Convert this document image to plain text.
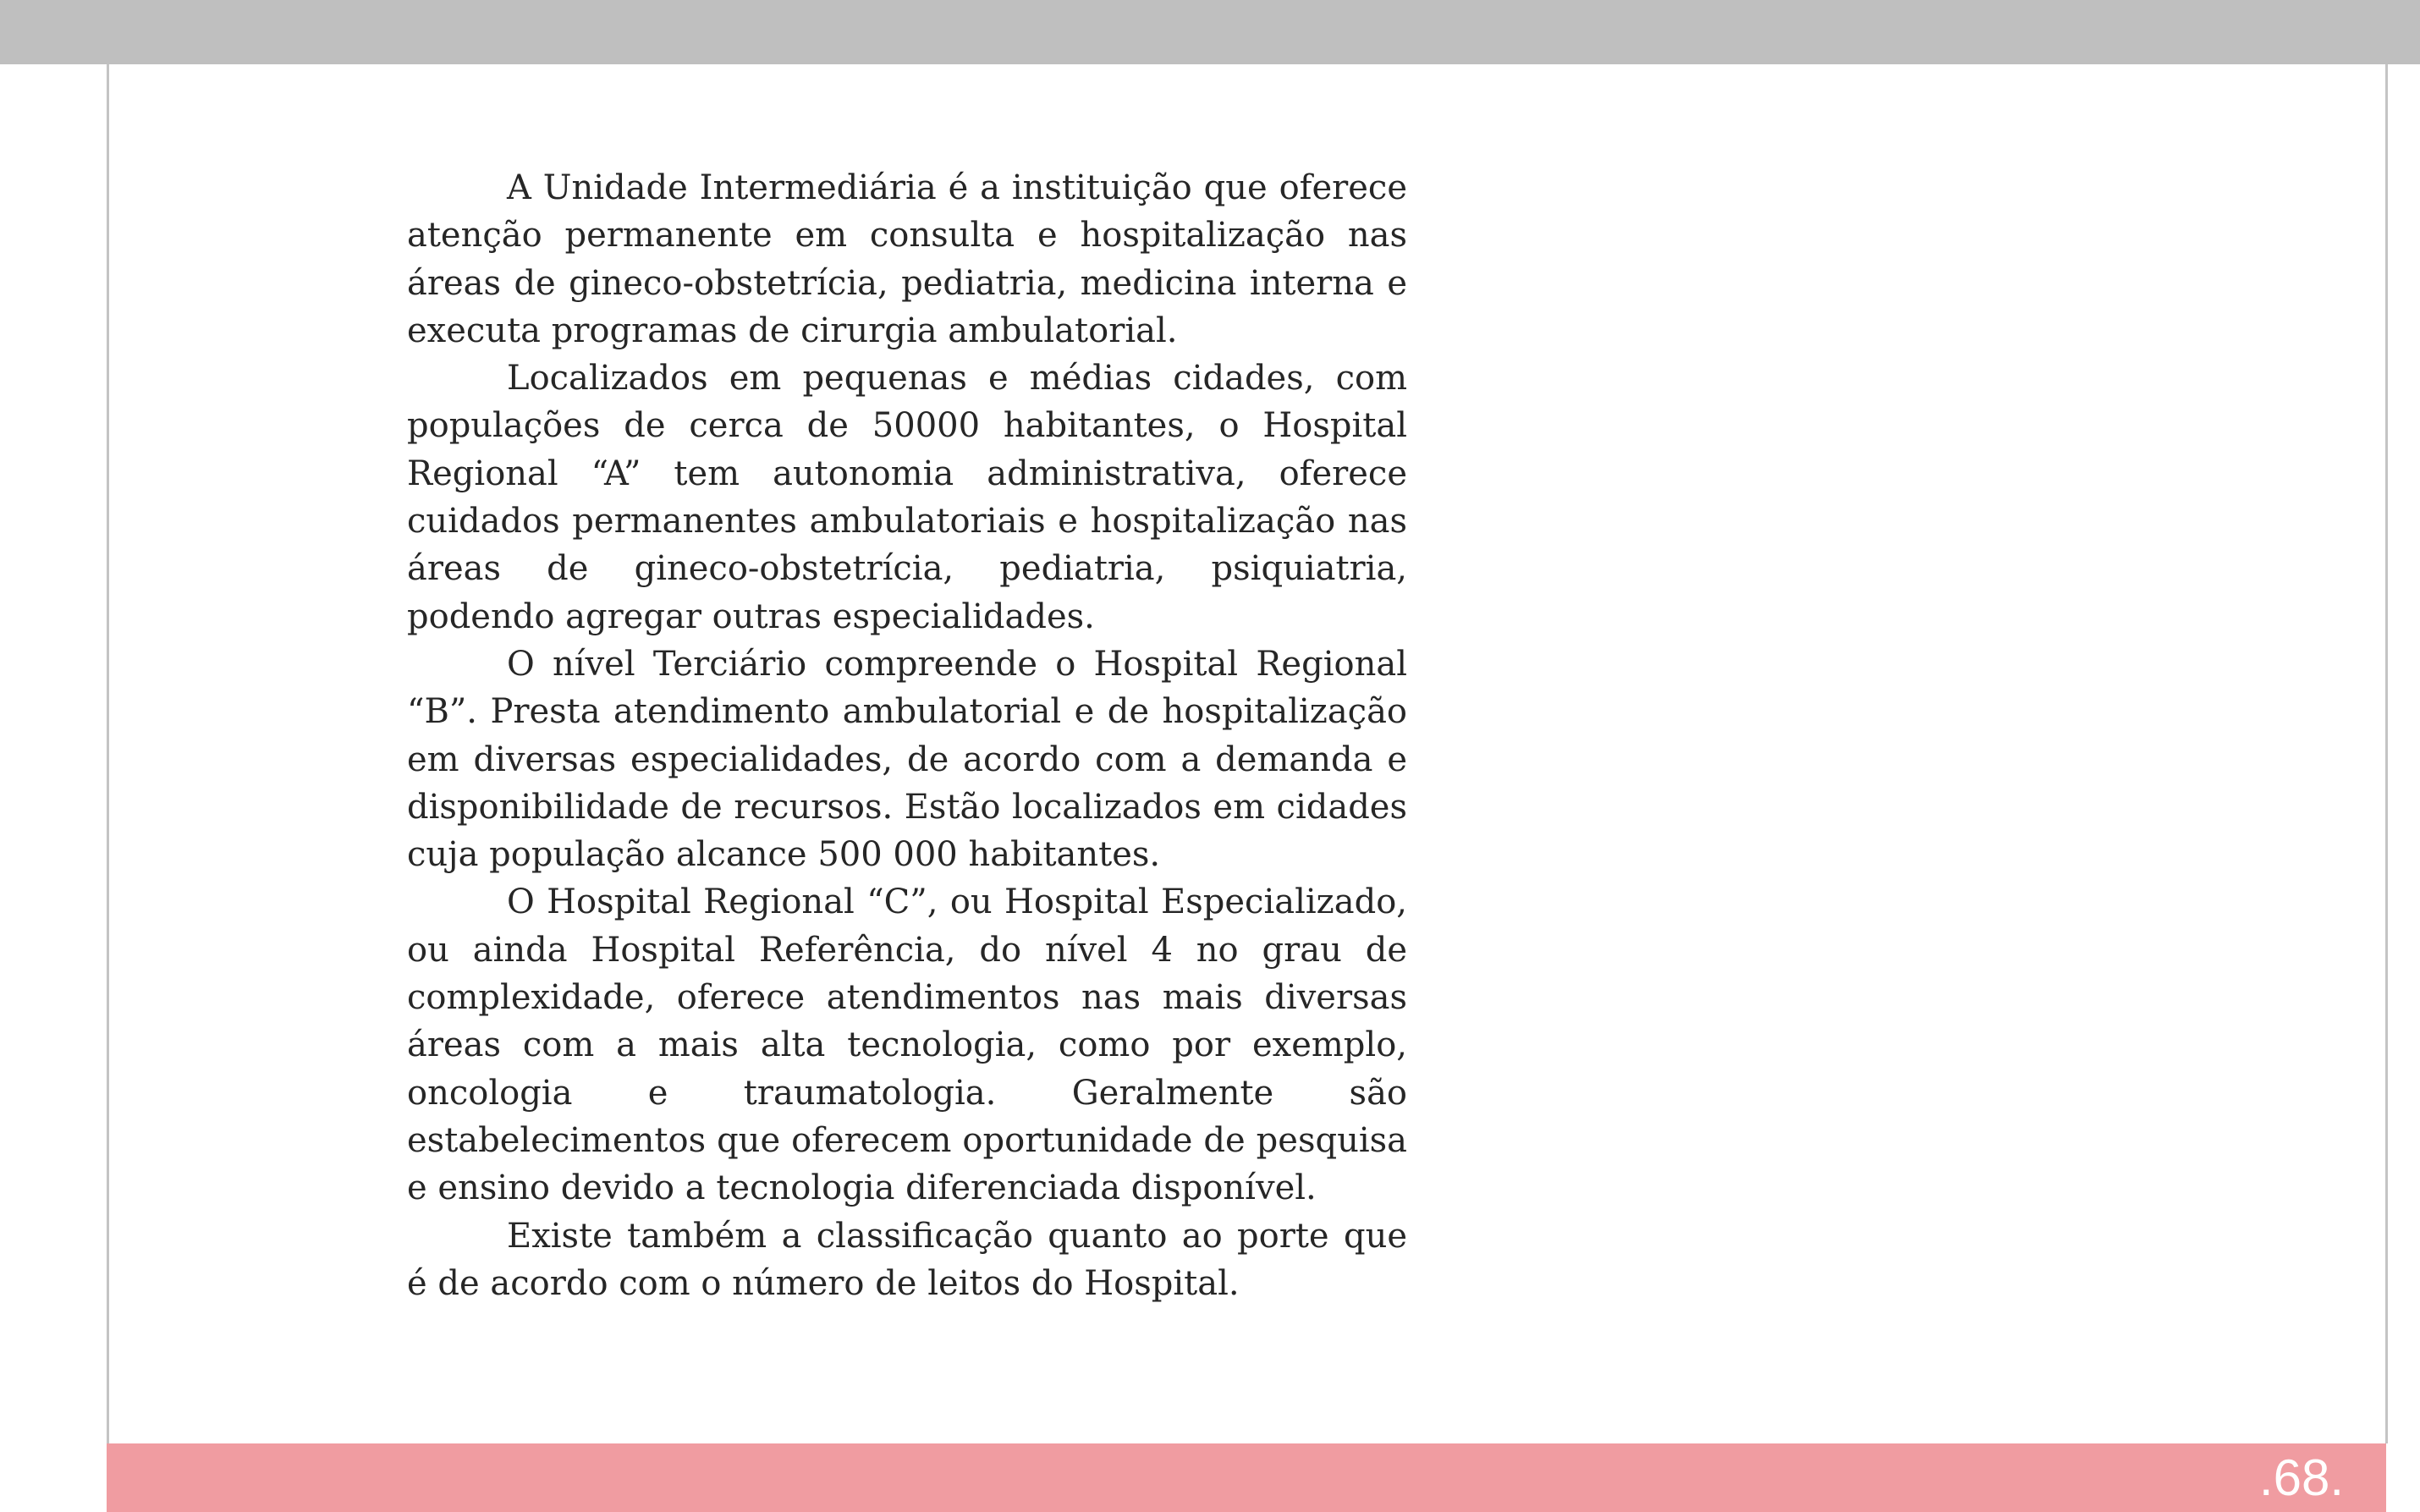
A Unidade Intermediária é a instituição que oferece atenção permanente em consulta e hospitalização nas áreas de gineco-obstetrícia, pediatria, medicina interna e executa programas de cirurgia ambulatorial.

Localizados em pequenas e médias cidades, com populações de cerca de 50000 habitantes, o Hospital Regional “A” tem autonomia administrativa, oferece cuidados permanentes ambulatoriais e hospitalização nas áreas de gineco-obstetrícia, pediatria, psiquiatria, podendo agregar outras especialidades.

O nível Terciário compreende o Hospital Regional “B”. Presta atendimento ambulatorial e de hospitalização em diversas especialidades, de acordo com a demanda e disponibilidade de recursos. Estão localizados em cidades cuja população alcance 500 000 habitantes.

O Hospital Regional “C”, ou Hospital Especializado, ou ainda Hospital Referência, do nível 4 no grau de complexidade, oferece atendimentos nas mais diversas áreas com a mais alta tecnologia, como por exemplo, oncologia e traumatologia. Geralmente são estabelecimentos que oferecem oportunidade de pesquisa e ensino devido a tecnologia diferenciada disponível.

Existe também a classificação quanto ao porte que é de acordo com o número de leitos do Hospital.

.68.
